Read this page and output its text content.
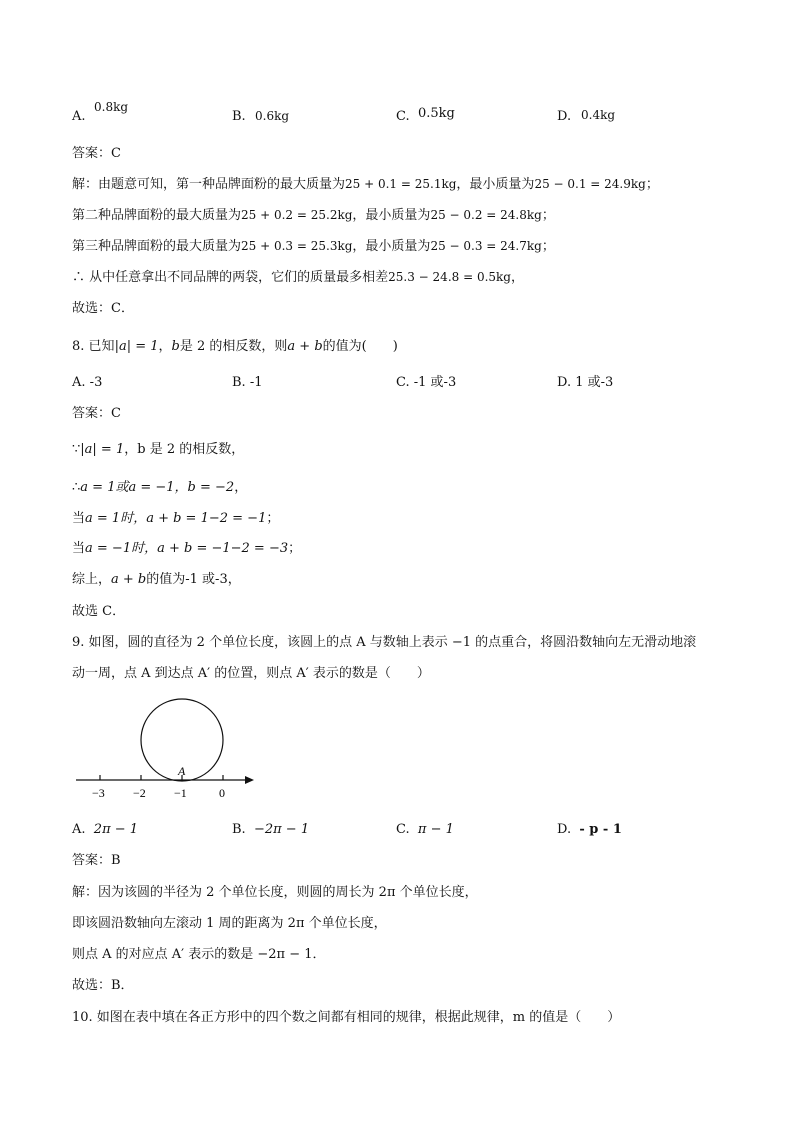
A.
0.8kg
B. 0.6kg	C. 0.5kg	D. 0.4kg
答案：C
解：由题意可知，第一种品牌面粉的最大质量为25 + 0.1 = 25.1kg，最小质量为25 − 0.1 = 24.9kg；
第二种品牌面粉的最大质量为25 + 0.2 = 25.2kg，最小质量为25 − 0.2 = 24.8kg；
第三种品牌面粉的最大质量为25 + 0.3 = 25.3kg，最小质量为25 − 0.3 = 24.7kg；
∴ 从中任意拿出不同品牌的两袋，它们的质量最多相差25.3 − 24.8 = 0.5kg，
故选：C．
8. 已知|a| = 1，b是 2 的相反数，则a + b的值为(　　)
A. -3	B. -1	C. -1 或-3	D. 1 或-3
答案：C
∵|a| = 1，b 是 2 的相反数，
∴a = 1或a = −1，b = −2，
当a = 1时，a + b = 1−2 = −1；
当a = −1时，a + b = −1−2 = −3；
综上，a + b的值为-1 或-3，
故选 C．
9. 如图，圆的直径为 2 个单位长度，该圆上的点 A 与数轴上表示 −1 的点重合，将圆沿数轴向左无滑动地滚
动一周，点 A 到达点 A′ 的位置，则点 A′ 表示的数是（　　）
A
−3 −2 −1	0
A. 2π − 1	B. −2π − 1	C. π − 1	D. - p - 1
答案：B
解：因为该圆的半径为 2 个单位长度，则圆的周长为 2π 个单位长度，
即该圆沿数轴向左滚动 1 周的距离为 2π 个单位长度，
则点 A 的对应点 A′ 表示的数是 −2π − 1．
故选：B．
10. 如图在表中填在各正方形中的四个数之间都有相同的规律，根据此规律，m 的值是（　　）
